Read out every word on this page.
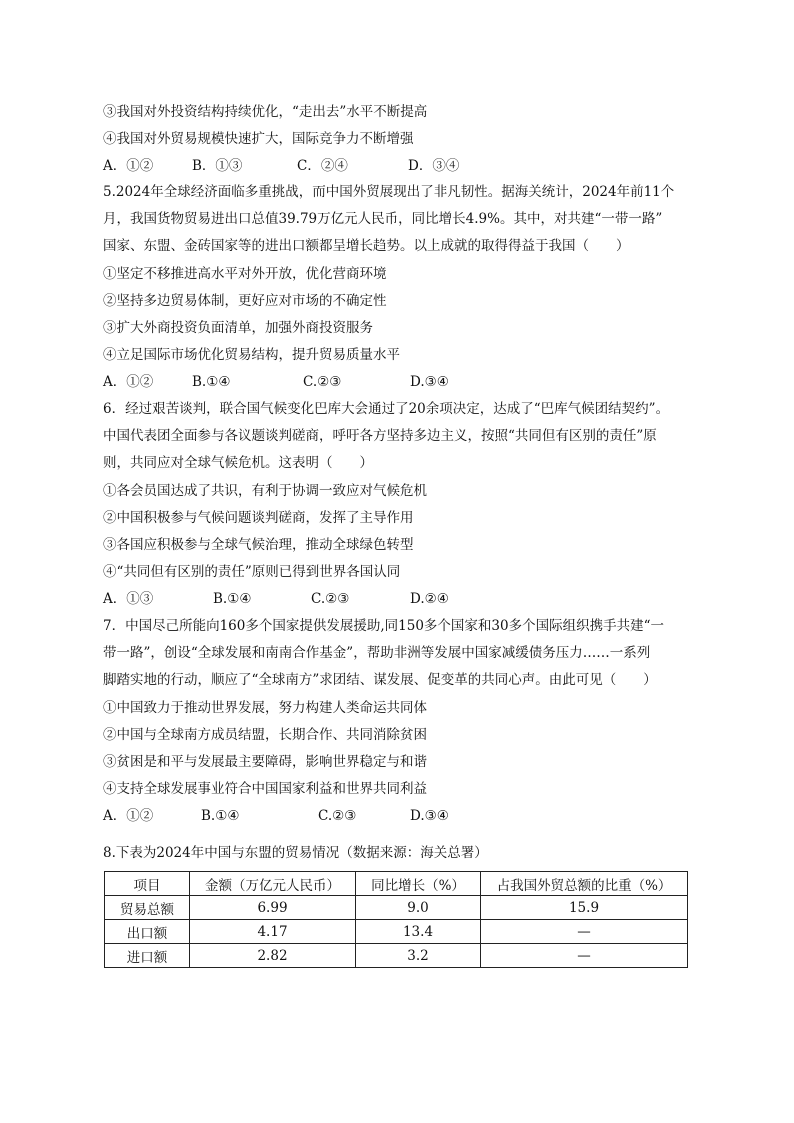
③我国对外投资结构持续优化，“走出去”水平不断提高
④我国对外贸易规模快速扩大，国际竞争力不断增强
A．①②	B．①③	C．②④	D．③④
5.2024年全球经济面临多重挑战，而中国外贸展现出了非凡韧性。据海关统计，2024年前11个
月，我国货物贸易进出口总值39.79万亿元人民币，同比增长4.9%。其中，对共建“一带一路”
国家、东盟、金砖国家等的进出口额都呈增长趋势。以上成就的取得得益于我国（　　）
①坚定不移推进高水平对外开放，优化营商环境
②坚持多边贸易体制，更好应对市场的不确定性
③扩大外商投资负面清单，加强外商投资服务
④立足国际市场优化贸易结构，提升贸易质量水平
A．①②	B.①④	C.②③	D.③④
6．经过艰苦谈判，联合国气候变化巴库大会通过了20余项决定，达成了“巴库气候团结契约”。
中国代表团全面参与各议题谈判磋商，呼吁各方坚持多边主义，按照“共同但有区别的责任”原
则，共同应对全球气候危机。这表明（　　）
①各会员国达成了共识，有利于协调一致应对气候危机
②中国积极参与气候问题谈判磋商，发挥了主导作用
③各国应积极参与全球气候治理，推动全球绿色转型
④“共同但有区别的责任”原则已得到世界各国认同
A．①③	B.①④	C.②③	D.②④
7．中国尽己所能向160多个国家提供发展援助,同150多个国家和30多个国际组织携手共建“一
带一路”，创设“全球发展和南南合作基金”，帮助非洲等发展中国家减缓债务压力……一系列
脚踏实地的行动，顺应了“全球南方”求团结、谋发展、促变革的共同心声。由此可见（　　）
①中国致力于推动世界发展，努力构建人类命运共同体
②中国与全球南方成员结盟，长期合作、共同消除贫困
③贫困是和平与发展最主要障碍，影响世界稳定与和谐
④支持全球发展事业符合中国国家利益和世界共同利益
A．①②	B.①④	C.②③	D.③④
8.下表为2024年中国与东盟的贸易情况（数据来源：海关总署）
项目	金额（万亿元人民币）	同比增长（%）	占我国外贸总额的比重（%）
贸易总额	6.99	9.0	15.9
出口额	4.17	13.4	—
进口额	2.82	3.2	—
